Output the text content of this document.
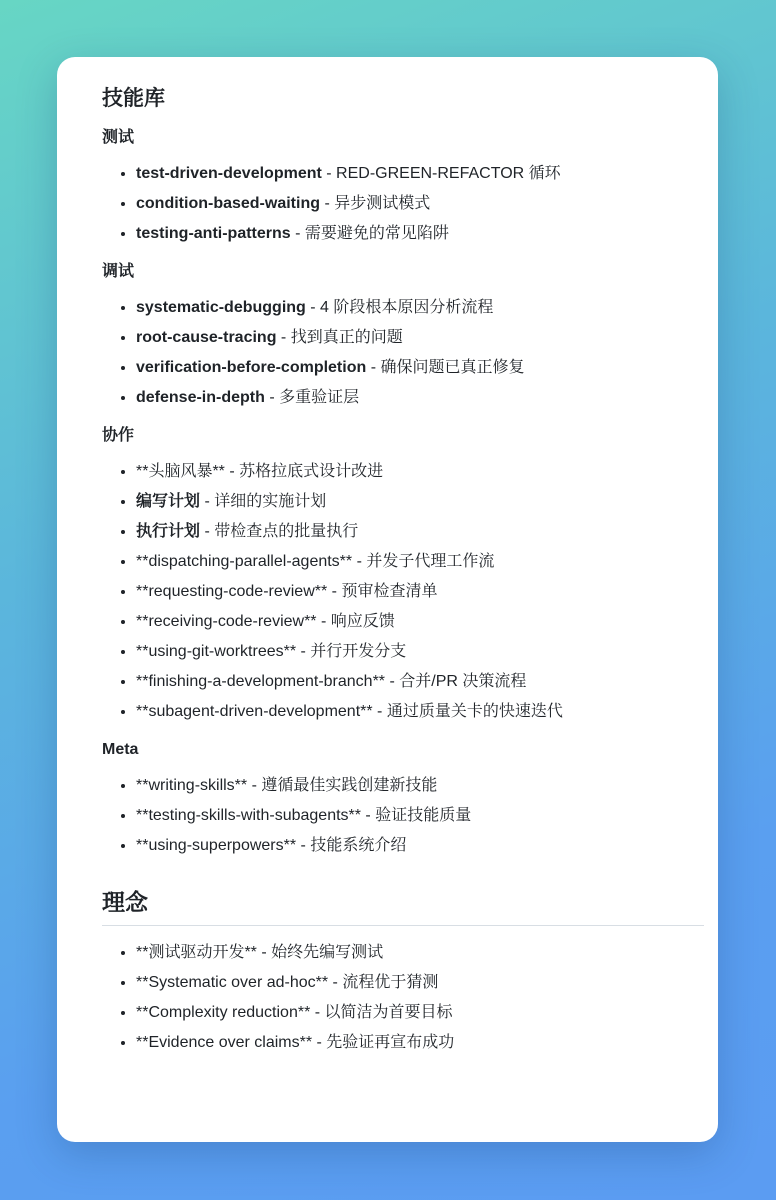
技能库
测试
• test-driven-development - RED-GREEN-REFACTOR 循环
• condition-based-waiting - 异步测试模式
• testing-anti-patterns - 需要避免的常见陷阱
调试
• systematic-debugging - 4 阶段根本原因分析流程
• root-cause-tracing - 找到真正的问题
• verification-before-completion - 确保问题已真正修复
• defense-in-depth - 多重验证层
协作
• **头脑风暴** - 苏格拉底式设计改进
• 编写计划 - 详细的实施计划
• 执行计划 - 带检查点的批量执行
• **dispatching-parallel-agents** - 并发子代理工作流
• **requesting-code-review** - 预审检查清单
• **receiving-code-review** - 响应反馈
• **using-git-worktrees** - 并行开发分支
• **finishing-a-development-branch** - 合并/PR 决策流程
• **subagent-driven-development** - 通过质量关卡的快速迭代
Meta
• **writing-skills** - 遵循最佳实践创建新技能
• **testing-skills-with-subagents** - 验证技能质量
• **using-superpowers** - 技能系统介绍
理念
• **测试驱动开发** - 始终先编写测试
• **Systematic over ad-hoc** - 流程优于猜测
• **Complexity reduction** - 以简洁为首要目标
• **Evidence over claims** - 先验证再宣布成功
